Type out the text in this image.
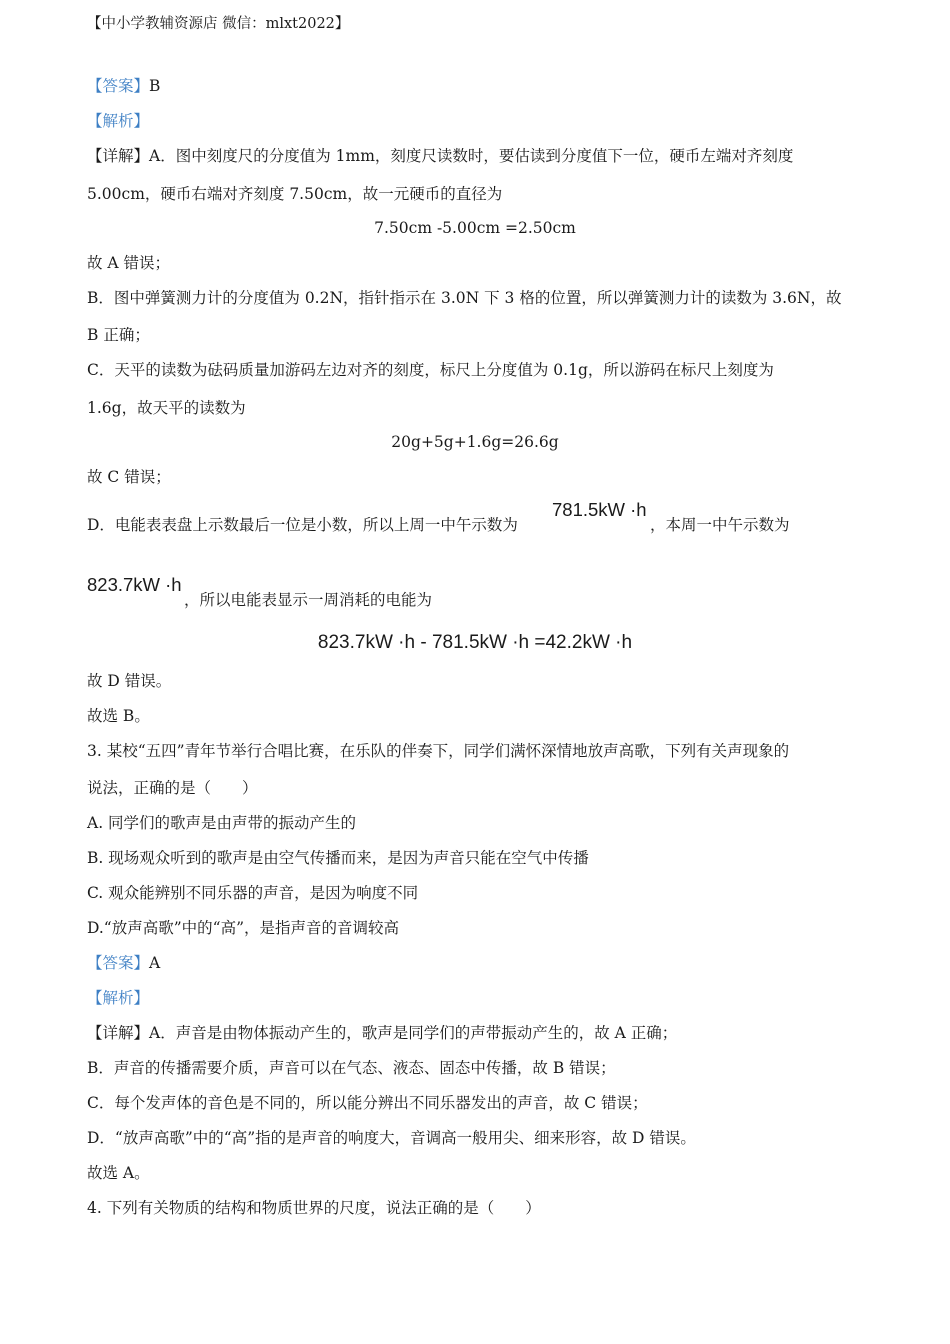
【中小学教辅资源店 微信：mlxt2022】
【答案】B
【解析】
【详解】A．图中刻度尺的分度值为 1mm，刻度尺读数时，要估读到分度值下一位，硬币左端对齐刻度
5.00cm，硬币右端对齐刻度 7.50cm，故一元硬币的直径为
7.50cm -5.00cm =2.50cm
故 A 错误；
B．图中弹簧测力计的分度值为 0.2N，指针指示在 3.0N 下 3 格的位置，所以弹簧测力计的读数为 3.6N，故
B 正确；
C．天平的读数为砝码质量加游码左边对齐的刻度，标尺上分度值为 0.1g，所以游码在标尺上刻度为
1.6g，故天平的读数为
20g+5g+1.6g=26.6g
故 C 错误；
D．电能表表盘上示数最后一位是小数，所以上周一中午示数为
781.5kW ·h
，本周一中午示数为
823.7kW ·h
，所以电能表显示一周消耗的电能为
823.7kW ·h - 781.5kW ·h =42.2kW ·h
故 D 错误。
故选 B。
3. 某校“五四”青年节举行合唱比赛，在乐队的伴奏下，同学们满怀深情地放声高歌，下列有关声现象的
说法，正确的是（　　）
A. 同学们的歌声是由声带的振动产生的
B. 现场观众听到的歌声是由空气传播而来，是因为声音只能在空气中传播
C. 观众能辨别不同乐器的声音，是因为响度不同
D.“放声高歌”中的“高”，是指声音的音调较高
【答案】A
【解析】
【详解】A．声音是由物体振动产生的，歌声是同学们的声带振动产生的，故 A 正确；
B．声音的传播需要介质，声音可以在气态、液态、固态中传播，故 B 错误；
C．每个发声体的音色是不同的，所以能分辨出不同乐器发出的声音，故 C 错误；
D．“放声高歌”中的“高”指的是声音的响度大，音调高一般用尖、细来形容，故 D 错误。
故选 A。
4. 下列有关物质的结构和物质世界的尺度，说法正确的是（　　）
